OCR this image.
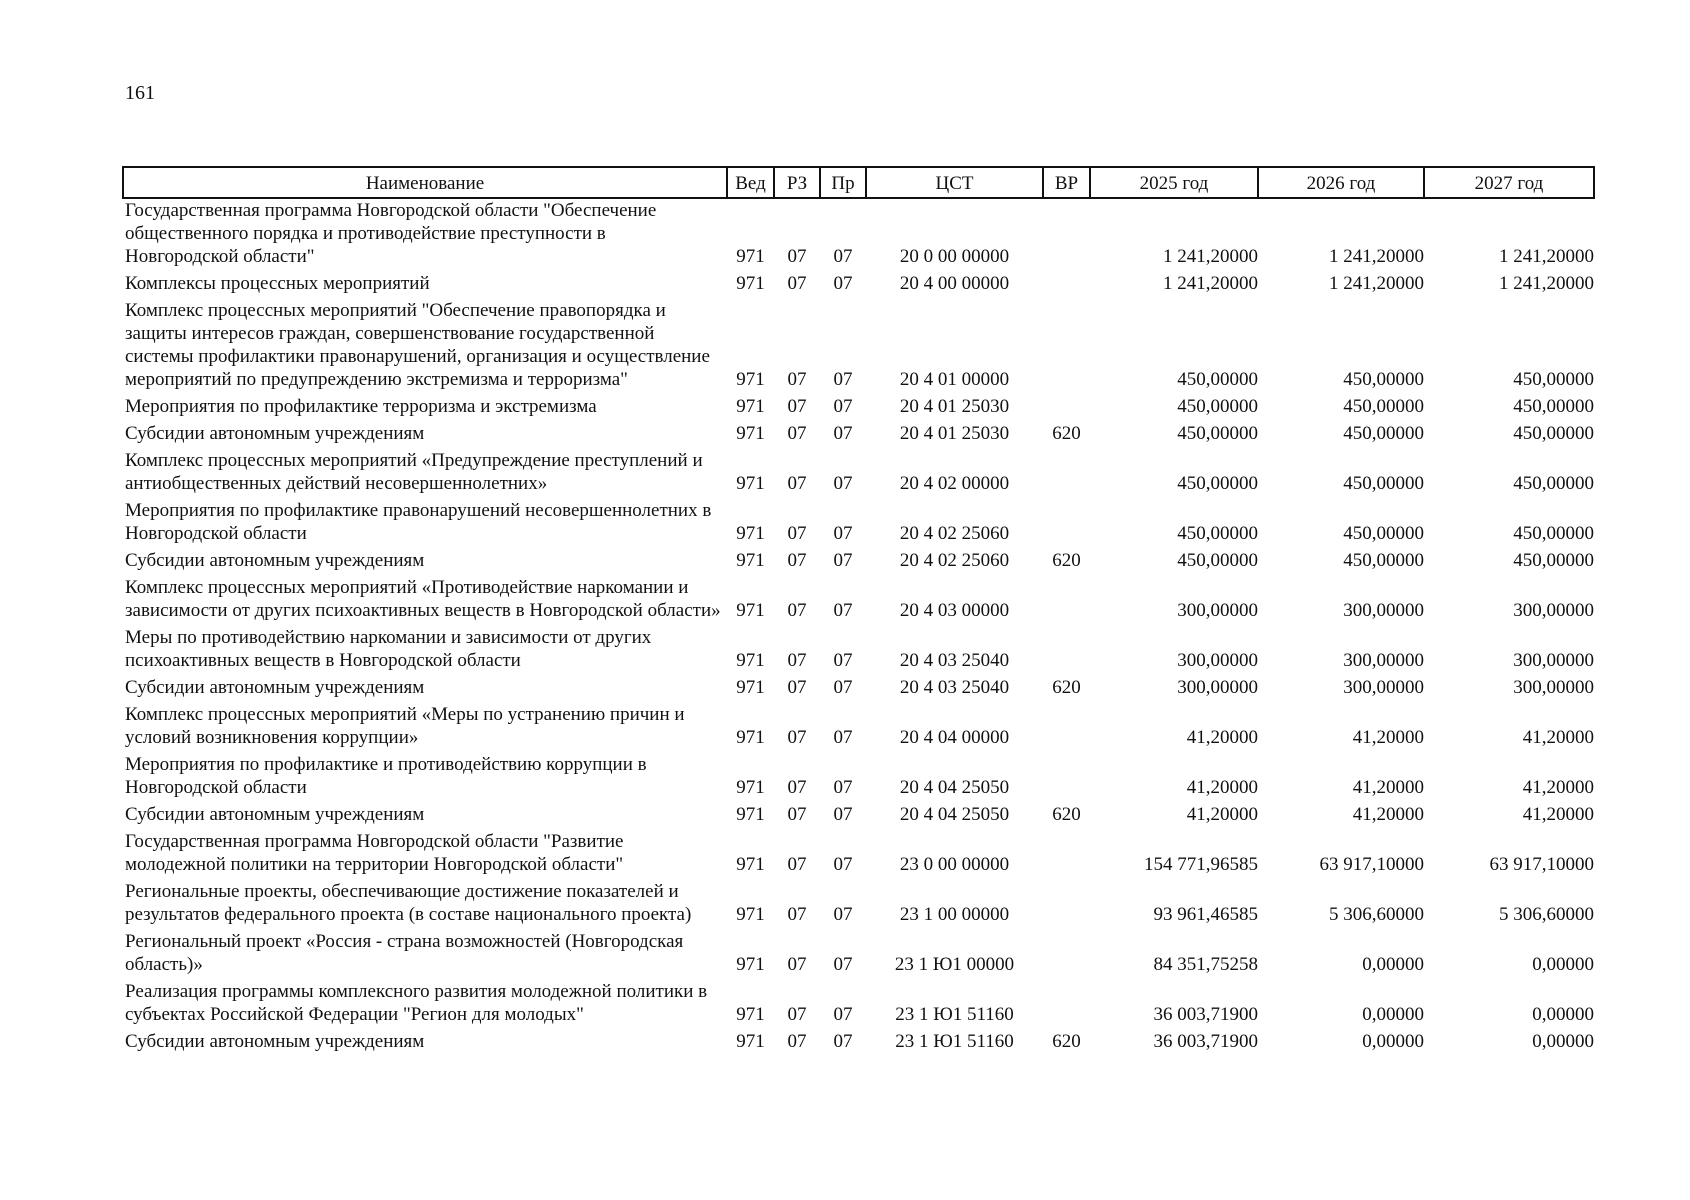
161
Наименование	Вед	РЗ	Пр	ЦСТ	ВР	2025 год	2026 год	2027 год
Государственная программа Новгородской области "Обеспечение общественного порядка и противодействие преступности в Новгородской области"	971	07	07	20 0 00 00000		1 241,20000	1 241,20000	1 241,20000
Комплексы процессных мероприятий	971	07	07	20 4 00 00000		1 241,20000	1 241,20000	1 241,20000
Комплекс процессных мероприятий "Обеспечение правопорядка и защиты интересов граждан, совершенствование государственной системы профилактики правонарушений, организация и осуществление мероприятий по предупреждению экстремизма и терроризма"	971	07	07	20 4 01 00000		450,00000	450,00000	450,00000
Мероприятия по профилактике терроризма и экстремизма	971	07	07	20 4 01 25030		450,00000	450,00000	450,00000
Субсидии автономным учреждениям	971	07	07	20 4 01 25030	620	450,00000	450,00000	450,00000
Комплекс процессных мероприятий «Предупреждение преступлений и антиобщественных действий несовершеннолетних»	971	07	07	20 4 02 00000		450,00000	450,00000	450,00000
Мероприятия по профилактике правонарушений несовершеннолетних в Новгородской области	971	07	07	20 4 02 25060		450,00000	450,00000	450,00000
Субсидии автономным учреждениям	971	07	07	20 4 02 25060	620	450,00000	450,00000	450,00000
Комплекс процессных мероприятий «Противодействие наркомании и зависимости от других психоактивных веществ в Новгородской области»	971	07	07	20 4 03 00000		300,00000	300,00000	300,00000
Меры по противодействию наркомании и зависимости от других психоактивных веществ в Новгородской области	971	07	07	20 4 03 25040		300,00000	300,00000	300,00000
Субсидии автономным учреждениям	971	07	07	20 4 03 25040	620	300,00000	300,00000	300,00000
Комплекс процессных мероприятий «Меры по устранению причин и условий возникновения коррупции»	971	07	07	20 4 04 00000		41,20000	41,20000	41,20000
Мероприятия по профилактике и противодействию коррупции в Новгородской области	971	07	07	20 4 04 25050		41,20000	41,20000	41,20000
Субсидии автономным учреждениям	971	07	07	20 4 04 25050	620	41,20000	41,20000	41,20000
Государственная программа Новгородской области "Развитие молодежной политики на территории Новгородской области"	971	07	07	23 0 00 00000		154 771,96585	63 917,10000	63 917,10000
Региональные проекты, обеспечивающие достижение показателей и результатов федерального проекта (в составе национального проекта)	971	07	07	23 1 00 00000		93 961,46585	5 306,60000	5 306,60000
Региональный проект «Россия - страна возможностей (Новгородская область)»	971	07	07	23 1 Ю1 00000		84 351,75258	0,00000	0,00000
Реализация программы комплексного развития молодежной политики в субъектах Российской Федерации "Регион для молодых"	971	07	07	23 1 Ю1 51160		36 003,71900	0,00000	0,00000
Субсидии автономным учреждениям	971	07	07	23 1 Ю1 51160	620	36 003,71900	0,00000	0,00000
